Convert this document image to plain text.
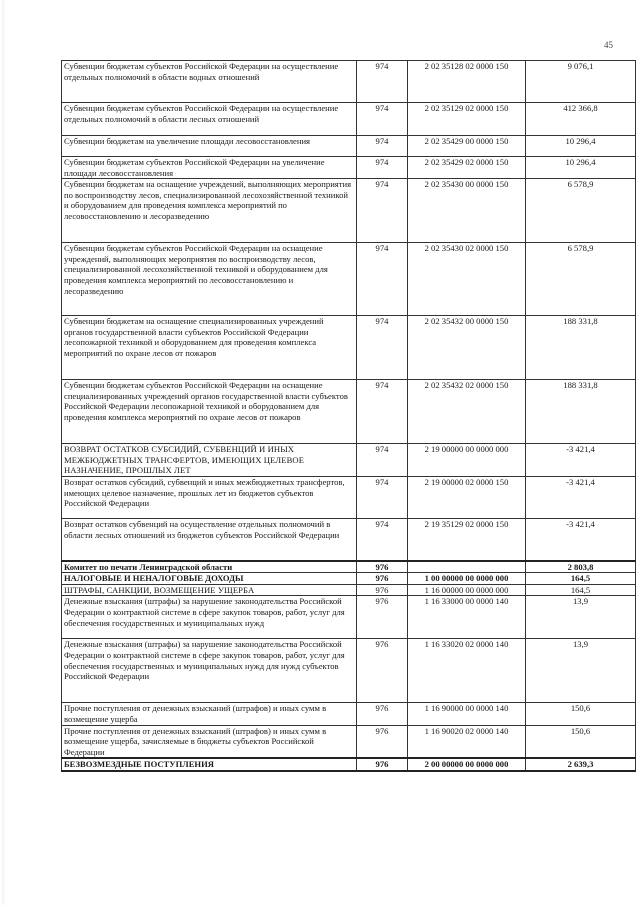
45
Субвенции бюджетам субъектов Российской Федерации на осуществление отдельных полномочий в области водных отношений	974	2 02 35128 02 0000 150	9 076,1
Субвенции бюджетам субъектов Российской Федерации на осуществление отдельных полномочий в области лесных отношений	974	2 02 35129 02 0000 150	412 366,8
Субвенции бюджетам на увеличение площади лесовосстановления	974	2 02 35429 00 0000 150	10 296,4
Субвенции бюджетам субъектов Российской Федерации на увеличение площади лесовосстановления	974	2 02 35429 02 0000 150	10 296,4
Субвенции бюджетам на оснащение учреждений, выполняющих мероприятия по воспроизводству лесов, специализированной лесохозяйственной техникой и оборудованием для проведения комплекса мероприятий по лесовосстановлению и лесоразведению	974	2 02 35430 00 0000 150	6 578,9
Субвенции бюджетам субъектов Российской Федерации на оснащение учреждений, выполняющих мероприятия по воспроизводству лесов, специализированной лесохозяйственной техникой и оборудованием для проведения комплекса мероприятий по лесовосстановлению и лесоразведению	974	2 02 35430 02 0000 150	6 578,9
Субвенции бюджетам на оснащение специализированных учреждений органов государственной власти субъектов Российской Федерации лесопожарной техникой и оборудованием для проведения комплекса мероприятий по охране лесов от пожаров	974	2 02 35432 00 0000 150	188 331,8
Субвенции бюджетам субъектов Российской Федерации на оснащение специализированных учреждений органов государственной власти субъектов Российской Федерации лесопожарной техникой и оборудованием для проведения комплекса мероприятий по охране лесов от пожаров	974	2 02 35432 02 0000 150	188 331,8
ВОЗВРАТ ОСТАТКОВ СУБСИДИЙ, СУБВЕНЦИЙ И ИНЫХ МЕЖБЮДЖЕТНЫХ ТРАНСФЕРТОВ, ИМЕЮЩИХ ЦЕЛЕВОЕ НАЗНАЧЕНИЕ, ПРОШЛЫХ ЛЕТ	974	2 19 00000 00 0000 000	-3 421,4
Возврат остатков субсидий, субвенций и иных межбюджетных трансфертов, имеющих целевое назначение, прошлых лет из бюджетов субъектов Российской Федерации	974	2 19 00000 02 0000 150	-3 421,4
Возврат остатков субвенций на осуществление отдельных полномочий в области лесных отношений из бюджетов субъектов Российской Федерации	974	2 19 35129 02 0000 150	-3 421,4
Комитет по печати Ленинградской области	976		2 803,8
НАЛОГОВЫЕ И НЕНАЛОГОВЫЕ ДОХОДЫ	976	1 00 00000 00 0000 000	164,5
ШТРАФЫ, САНКЦИИ, ВОЗМЕЩЕНИЕ УЩЕРБА	976	1 16 00000 00 0000 000	164,5
Денежные взыскания (штрафы) за нарушение законодательства Российской Федерации о контрактной системе в сфере закупок товаров, работ, услуг для обеспечения государственных и муниципальных нужд	976	1 16 33000 00 0000 140	13,9
Денежные взыскания (штрафы) за нарушение законодательства Российской Федерации о контрактной системе в сфере закупок товаров, работ, услуг для обеспечения государственных и муниципальных нужд для нужд субъектов Российской Федерации	976	1 16 33020 02 0000 140	13,9
Прочие поступления от денежных взысканий (штрафов) и иных сумм в возмещение ущерба	976	1 16 90000 00 0000 140	150,6
Прочие поступления от денежных взысканий (штрафов) и иных сумм в возмещение ущерба, зачисляемые в бюджеты субъектов Российской Федерации	976	1 16 90020 02 0000 140	150,6
БЕЗВОЗМЕЗДНЫЕ ПОСТУПЛЕНИЯ	976	2 00 00000 00 0000 000	2 639,3
